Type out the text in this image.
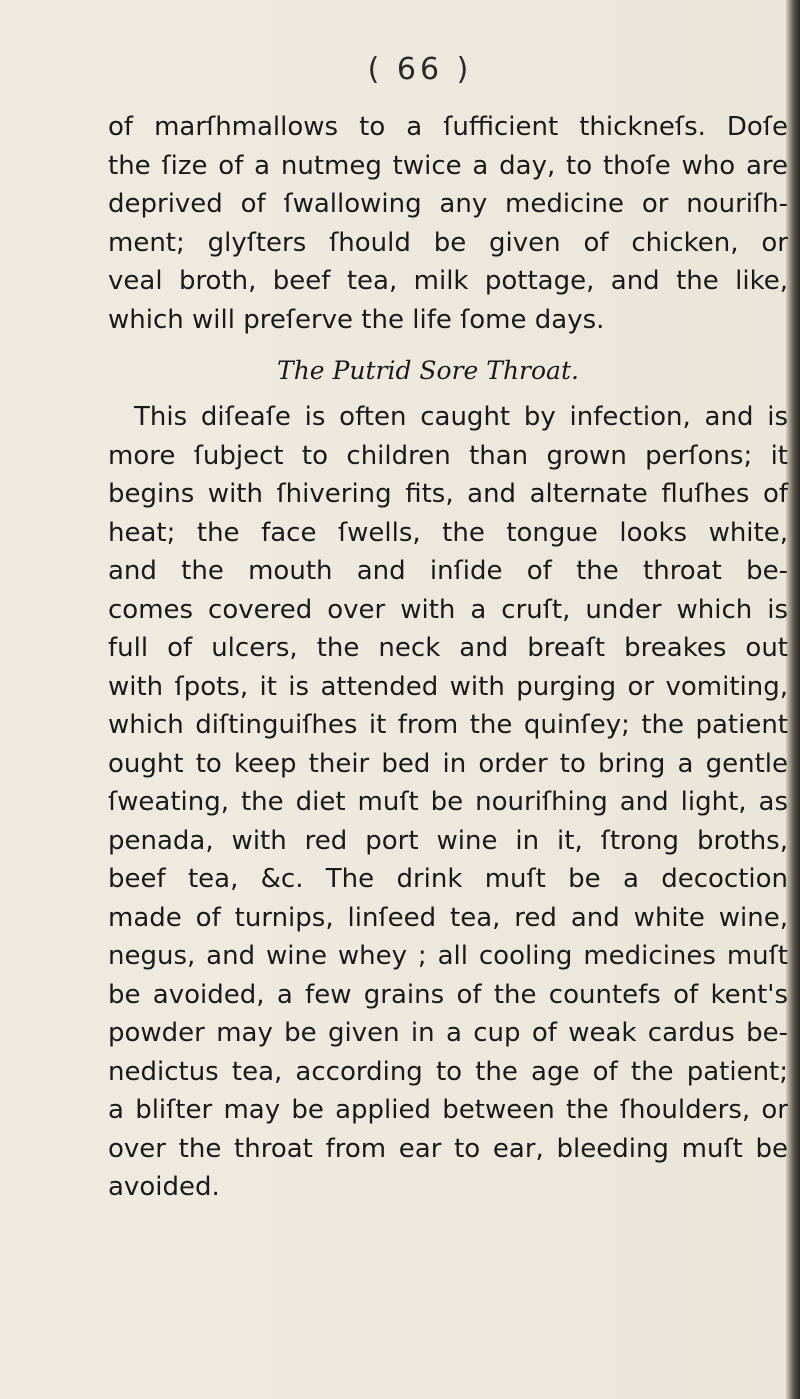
( 66 )
of marſhmallows to a ſufficient thickneſs. Doſe
the ſize of a nutmeg twice a day, to thoſe who are
deprived of ſwallowing any medicine or nouriſh-
ment; glyſters ſhould be given of chicken, or
veal broth, beef tea, milk pottage, and the like,
which will preſerve the life ſome days.
The Putrid Sore Throat.
This diſeaſe is often caught by infection, and is
more ſubject to children than grown perſons; it
begins with ſhivering fits, and alternate fluſhes of
heat; the face ſwells, the tongue looks white,
and the mouth and inſide of the throat be-
comes covered over with a cruſt, under which is
full of ulcers, the neck and breaſt breakes out
with ſpots, it is attended with purging or vomiting,
which diſtinguiſhes it from the quinſey; the patient
ought to keep their bed in order to bring a gentle
ſweating, the diet muſt be nouriſhing and light, as
penada, with red port wine in it, ſtrong broths,
beef tea, &c. The drink muſt be a decoction
made of turnips, linſeed tea, red and white wine,
negus, and wine whey ; all cooling medicines muſt
be avoided, a few grains of the countefs of kent's
powder may be given in a cup of weak cardus be-
nedictus tea, according to the age of the patient;
a bliſter may be applied between the ſhoulders, or
over the throat from ear to ear, bleeding muſt be
avoided.
